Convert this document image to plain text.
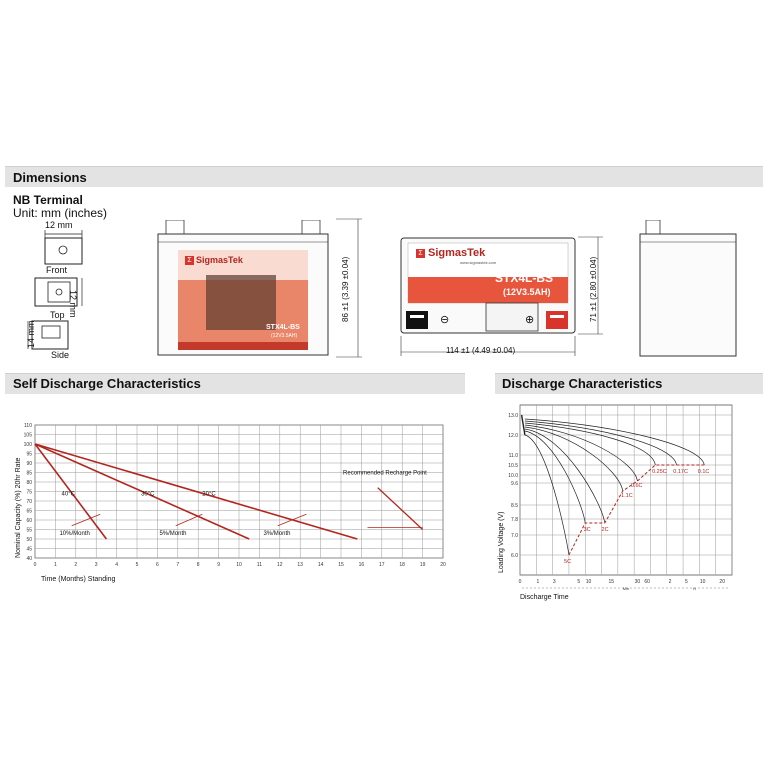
Dimensions
NB Terminal
Unit: mm (inches)
12 mm
Front
12 mm
Top
14 mm
Side
Σ SigmasTek
STX4L-BS
(12V3.5AH)
86 ±1 (3.39 ±0.04)
Σ SigmasTek
www.sigmastek.com
STX4L-BS
(12V3.5AH)
⊖	⊕	71 ±1 (2.80 ±0.04)
114 ±1 (4.49 ±0.04)
Self Discharge Characteristics
0	1	2	3	4	5	6	7	8	9	10	11	12	13	14	15	16	17	18	19	20
40
45
50
55
60
65
70
75
80
85
90
95
100
105
110
40°C	30°C	20°C
10%/Month	5%/Month	3%/Month
Recommended Recharge Point
Time (Months) Standing
Nominal Capacity (%) 20hr Rate
Discharge Characteristics
13.0
12.0
11.0
10.5
10.0
9.6
8.5
7.8
7.0
6.0
0	1	3	5 10	15	30 60	2	5 10	20
Min	H
5C
3C 2C
1.1C
0.6C
0.25C 0.17C 0.1C
Discharge Time
Loading Voltage (V)
